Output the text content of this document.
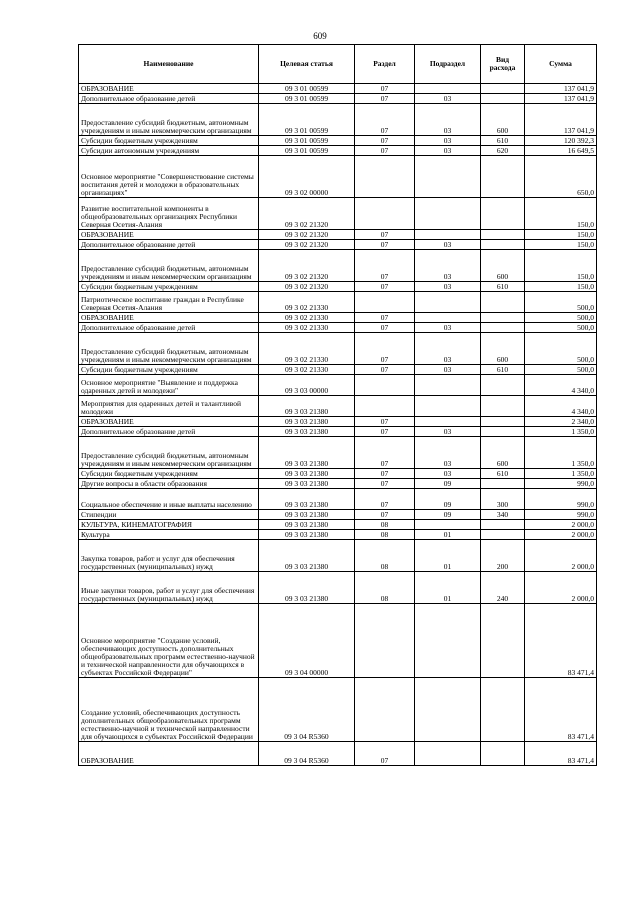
609
Наименование	Целевая статья	Раздел	Подраздел	Вид расхода	Сумма
ОБРАЗОВАНИЕ	09 3 01 00599	07			137 041,9
Дополнительное образование детей	09 3 01 00599	07	03		137 041,9
Предоставление субсидий бюджетным, автономным учреждениям и иным некоммерческим организациям	09 3 01 00599	07	03	600	137 041,9
Субсидии бюджетным учреждениям	09 3 01 00599	07	03	610	120 392,3
Субсидии автономным учреждениям	09 3 01 00599	07	03	620	16 649,5
Основное мероприятие "Совершенствование системы воспитания детей и молодежи в образовательных организациях"	09 3 02 00000				650,0
Развитие воспитательной компоненты в общеобразовательных организациях Республики Северная Осетия-Алания	09 3 02 21320				150,0
ОБРАЗОВАНИЕ	09 3 02 21320	07			150,0
Дополнительное образование детей	09 3 02 21320	07	03		150,0
Предоставление субсидий бюджетным, автономным учреждениям и иным некоммерческим организациям	09 3 02 21320	07	03	600	150,0
Субсидии бюджетным учреждениям	09 3 02 21320	07	03	610	150,0
Патриотическое воспитание граждан в Республике Северная Осетия-Алания	09 3 02 21330				500,0
ОБРАЗОВАНИЕ	09 3 02 21330	07			500,0
Дополнительное образование детей	09 3 02 21330	07	03		500,0
Предоставление субсидий бюджетным, автономным учреждениям и иным некоммерческим организациям	09 3 02 21330	07	03	600	500,0
Субсидии бюджетным учреждениям	09 3 02 21330	07	03	610	500,0
Основное мероприятие "Выявление и поддержка одаренных детей и молодежи"	09 3 03 00000				4 340,0
Мероприятия для одаренных детей и талантливой молодежи	09 3 03 21380				4 340,0
ОБРАЗОВАНИЕ	09 3 03 21380	07			2 340,0
Дополнительное образование детей	09 3 03 21380	07	03		1 350,0
Предоставление субсидий бюджетным, автономным учреждениям и иным некоммерческим организациям	09 3 03 21380	07	03	600	1 350,0
Субсидии бюджетным учреждениям	09 3 03 21380	07	03	610	1 350,0
Другие вопросы в области образования	09 3 03 21380	07	09		990,0
Социальное обеспечение и иные выплаты населению	09 3 03 21380	07	09	300	990,0
Стипендии	09 3 03 21380	07	09	340	990,0
КУЛЬТУРА, КИНЕМАТОГРАФИЯ	09 3 03 21380	08			2 000,0
Культура	09 3 03 21380	08	01		2 000,0
Закупка товаров, работ и услуг для обеспечения государственных (муниципальных) нужд	09 3 03 21380	08	01	200	2 000,0
Иные закупки товаров, работ и услуг для обеспечения государственных (муниципальных) нужд	09 3 03 21380	08	01	240	2 000,0
Основное мероприятие "Создание условий, обеспечивающих доступность дополнительных общеобразовательных программ естественно-научной и технической направленности для обучающихся в субъектах Российской Федерации"	09 3 04 00000				83 471,4
Создание условий, обеспечивающих доступность дополнительных общеобразовательных программ естественно-научной и технической направленности для обучающихся в субъектах Российской Федерации	09 3 04 R5360				83 471,4
ОБРАЗОВАНИЕ	09 3 04 R5360	07			83 471,4
